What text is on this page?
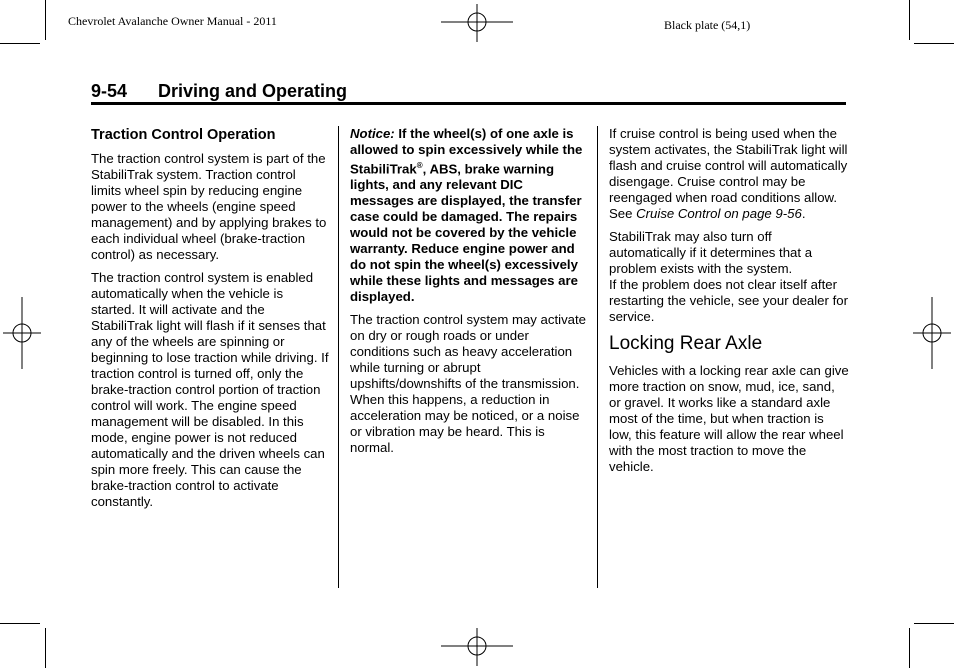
Chevrolet Avalanche Owner Manual - 2011	Black plate (54,1)
9-54 Driving and Operating

Traction Control Operation

The traction control system is part of the StabiliTrak system. Traction control limits wheel spin by reducing engine power to the wheels (engine speed management) and by applying brakes to each individual wheel (brake-traction control) as necessary.

The traction control system is enabled automatically when the vehicle is started. It will activate and the StabiliTrak light will flash if it senses that any of the wheels are spinning or beginning to lose traction while driving. If traction control is turned off, only the brake-traction control portion of traction control will work. The engine speed management will be disabled. In this mode, engine power is not reduced automatically and the driven wheels can spin more freely. This can cause the brake-traction control to activate constantly.

Notice: If the wheel(s) of one axle is allowed to spin excessively while the StabiliTrak®, ABS, brake warning lights, and any relevant DIC messages are displayed, the transfer case could be damaged. The repairs would not be covered by the vehicle warranty. Reduce engine power and do not spin the wheel(s) excessively while these lights and messages are displayed.

The traction control system may activate on dry or rough roads or under conditions such as heavy acceleration while turning or abrupt upshifts/downshifts of the transmission. When this happens, a reduction in acceleration may be noticed, or a noise or vibration may be heard. This is normal.

If cruise control is being used when the system activates, the StabiliTrak light will flash and cruise control will automatically disengage. Cruise control may be reengaged when road conditions allow. See Cruise Control on page 9-56.

StabiliTrak may also turn off automatically if it determines that a problem exists with the system.

If the problem does not clear itself after restarting the vehicle, see your dealer for service.

Locking Rear Axle

Vehicles with a locking rear axle can give more traction on snow, mud, ice, sand, or gravel. It works like a standard axle most of the time, but when traction is low, this feature will allow the rear wheel with the most traction to move the vehicle.
